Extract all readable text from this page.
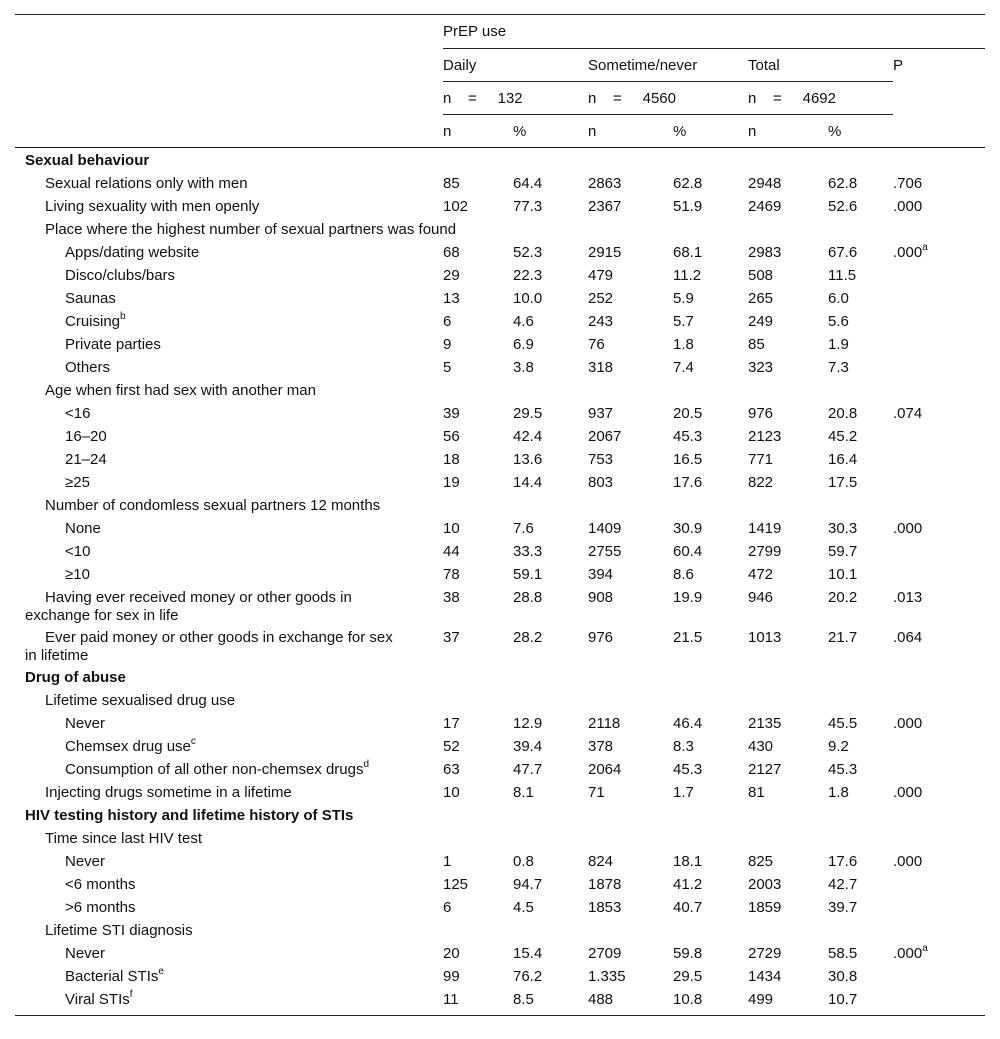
	PrEP use						
	Daily		Sometime/never		Total		P
	n = 132		n = 4560		n = 4692		
	n	%	n	%	n	%	
Sexual behaviour							
Sexual relations only with men	85	64.4	2863	62.8	2948	62.8	.706
Living sexuality with men openly	102	77.3	2367	51.9	2469	52.6	.000
Place where the highest number of sexual partners was found							
Apps/dating website	68	52.3	2915	68.1	2983	67.6	.000$^a$
Disco/clubs/bars	29	22.3	479	11.2	508	11.5	
Saunas	13	10.0	252	5.9	265	6.0	
Cruising$^b$	6	4.6	243	5.7	249	5.6	
Private parties	9	6.9	76	1.8	85	1.9	
Others	5	3.8	318	7.4	323	7.3	
Age when first had sex with another man							
<16	39	29.5	937	20.5	976	20.8	.074
16–20	56	42.4	2067	45.3	2123	45.2	
21–24	18	13.6	753	16.5	771	16.4	
≥25	19	14.4	803	17.6	822	17.5	
Number of condomless sexual partners 12 months							
None	10	7.6	1409	30.9	1419	30.3	.000
<10	44	33.3	2755	60.4	2799	59.7	
≥10	78	59.1	394	8.6	472	10.1	
Having ever received money or other goods in
exchange for sex in life	38	28.8	908	19.9	946	20.2	.013
Ever paid money or other goods in exchange for sex
in lifetime	37	28.2	976	21.5	1013	21.7	.064
Drug of abuse							
Lifetime sexualised drug use							
Never	17	12.9	2118	46.4	2135	45.5	.000
Chemsex drug use$^c$	52	39.4	378	8.3	430	9.2	
Consumption of all other non-chemsex drugs$^d$	63	47.7	2064	45.3	2127	45.3	
Injecting drugs sometime in a lifetime	10	8.1	71	1.7	81	1.8	.000
HIV testing history and lifetime history of STIs							
Time since last HIV test							
Never	1	0.8	824	18.1	825	17.6	.000
<6 months	125	94.7	1878	41.2	2003	42.7	
>6 months	6	4.5	1853	40.7	1859	39.7	
Lifetime STI diagnosis							
Never	20	15.4	2709	59.8	2729	58.5	.000$^a$
Bacterial STIs$^e$	99	76.2	1.335	29.5	1434	30.8	
Viral STIs$^f$	11	8.5	488	10.8	499	10.7	
